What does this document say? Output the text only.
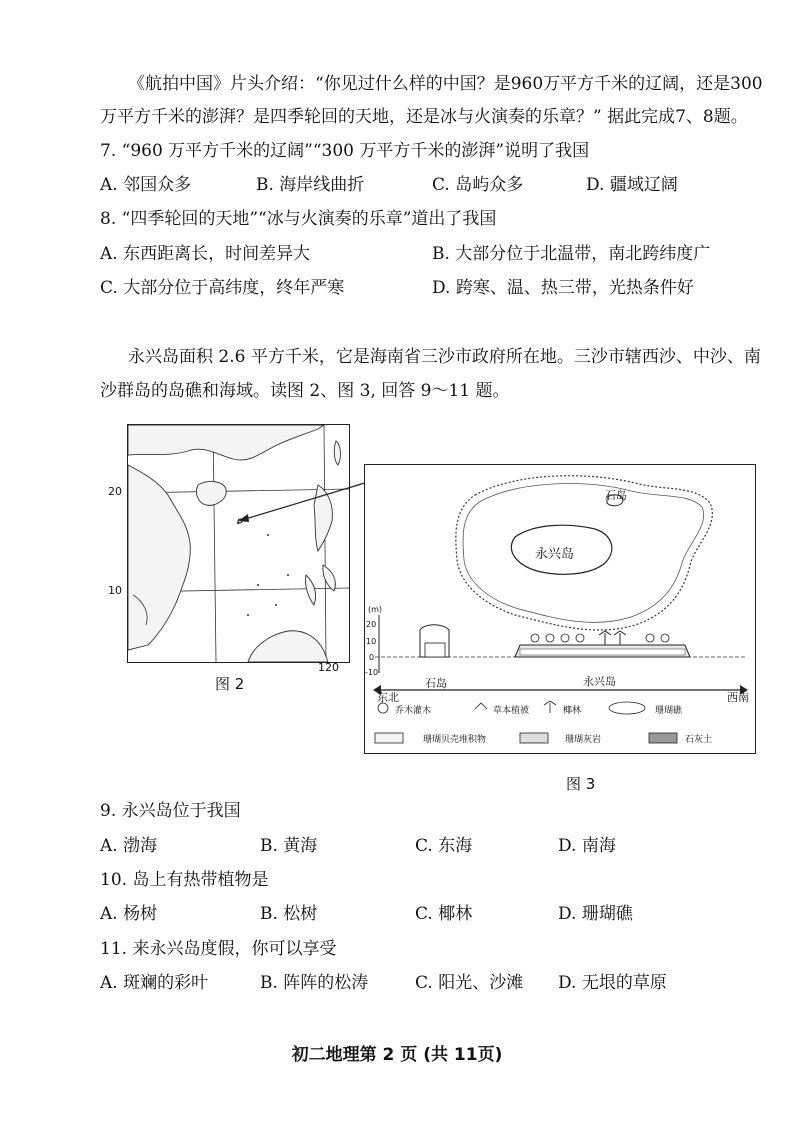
《航拍中国》片头介绍：“你见过什么样的中国？是960万平方千米的辽阔，还是300
万平方千米的澎湃？是四季轮回的天地，还是冰与火演奏的乐章？” 据此完成7、8题。
7. “960 万平方千米的辽阔”“300 万平方千米的澎湃”说明了我国
A. 邻国众多	B. 海岸线曲折	C. 岛屿众多	D. 疆域辽阔
8. “四季轮回的天地”“冰与火演奏的乐章”道出了我国
A. 东西距离长，时间差异大	B. 大部分位于北温带，南北跨纬度广
C. 大部分位于高纬度，终年严寒	D. 跨寒、温、热三带，光热条件好
永兴岛面积 2.6 平方千米，它是海南省三沙市政府所在地。三沙市辖西沙、中沙、南
沙群岛的岛礁和海域。读图 2、图 3, 回答 9～11 题。
20
10
120
图 2
石岛
永兴岛
(m)
20
10
0
-10
东北	西南
石岛	永兴岛
乔木灌木	草本植被	椰林	珊瑚礁
珊瑚贝壳堆积物	珊瑚灰岩	石灰土
图 3
9. 永兴岛位于我国
A. 渤海	B. 黄海	C. 东海	D. 南海
10. 岛上有热带植物是
A. 杨树	B. 松树	C. 椰林	D. 珊瑚礁
11. 来永兴岛度假，你可以享受
A. 斑斓的彩叶	B. 阵阵的松涛	C. 阳光、沙滩 D. 无垠的草原
初二地理第 2 页 (共 11页)
